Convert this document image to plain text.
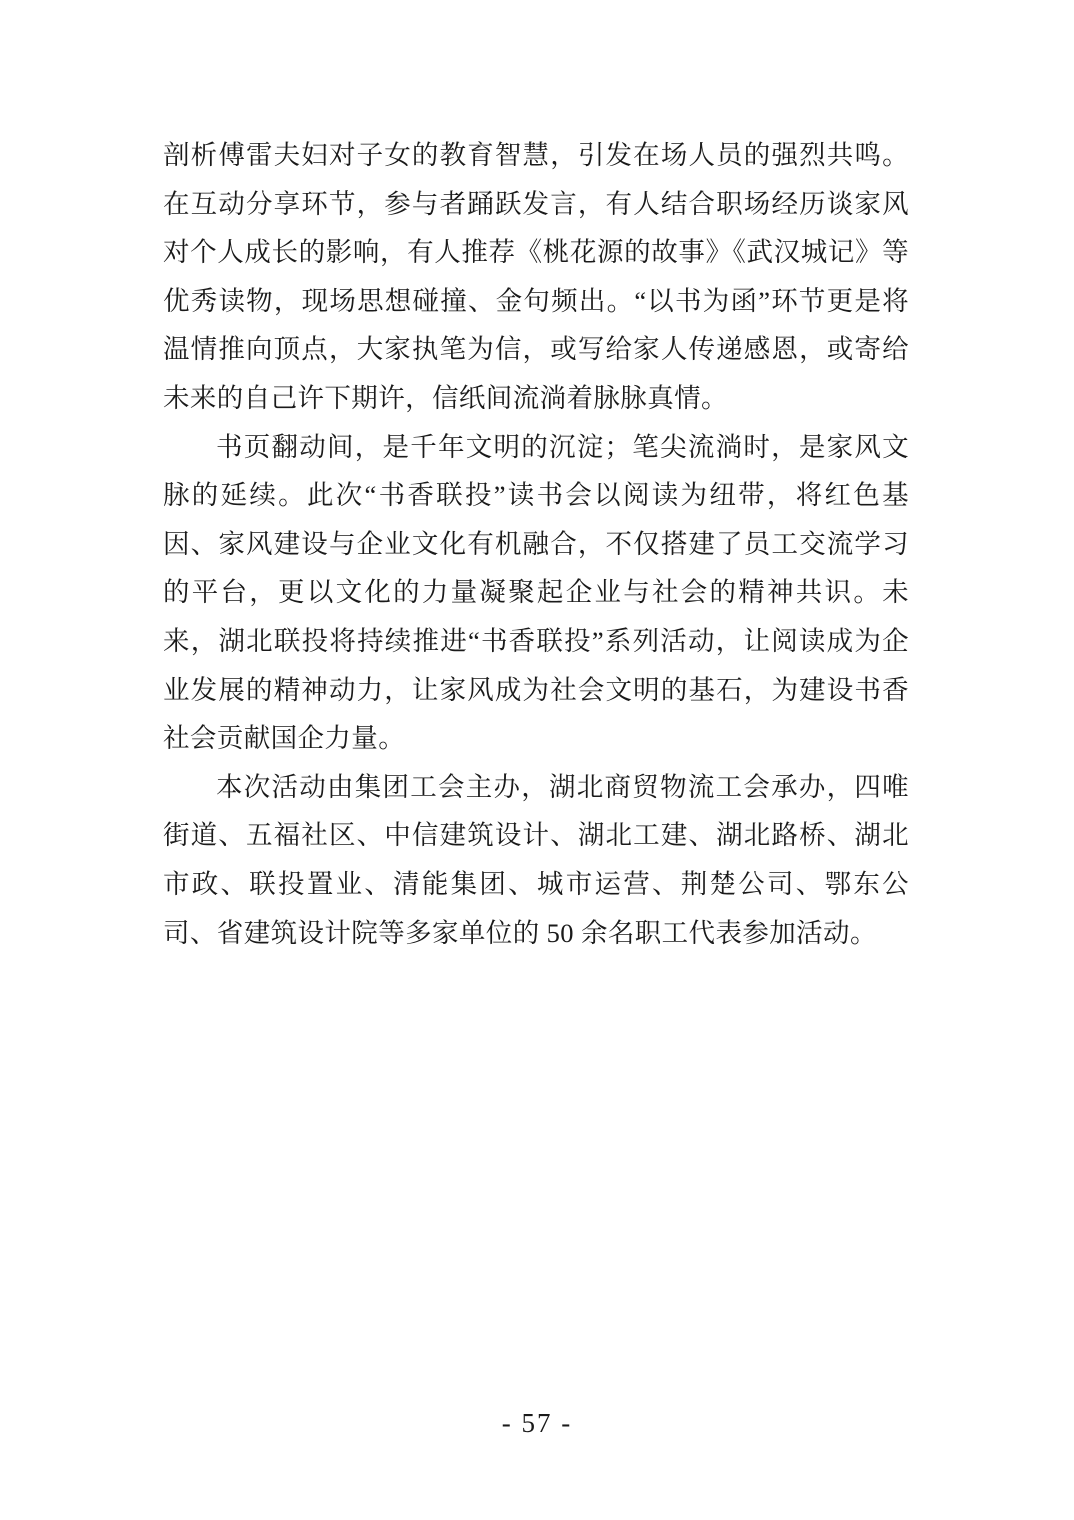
剖析傅雷夫妇对子女的教育智慧，引发在场人员的强烈共鸣。在互动分享环节，参与者踊跃发言，有人结合职场经历谈家风对个人成长的影响，有人推荐《桃花源的故事》《武汉城记》等优秀读物，现场思想碰撞、金句频出。“以书为函”环节更是将温情推向顶点，大家执笔为信，或写给家人传递感恩，或寄给未来的自己许下期许，信纸间流淌着脉脉真情。

书页翻动间，是千年文明的沉淀；笔尖流淌时，是家风文脉的延续。此次“书香联投”读书会以阅读为纽带，将红色基因、家风建设与企业文化有机融合，不仅搭建了员工交流学习的平台，更以文化的力量凝聚起企业与社会的精神共识。未来，湖北联投将持续推进“书香联投”系列活动，让阅读成为企业发展的精神动力，让家风成为社会文明的基石，为建设书香社会贡献国企力量。

本次活动由集团工会主办，湖北商贸物流工会承办，四唯街道、五福社区、中信建筑设计、湖北工建、湖北路桥、湖北市政、联投置业、清能集团、城市运营、荆楚公司、鄂东公司、省建筑设计院等多家单位的 50 余名职工代表参加活动。

- 57 -
